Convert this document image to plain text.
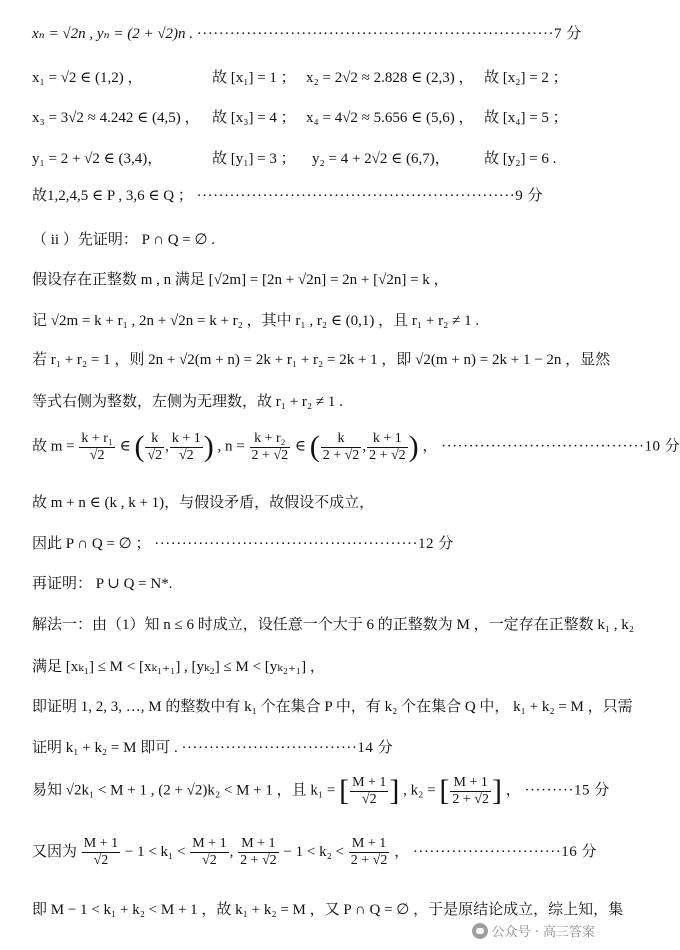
xₙ = √2n , yₙ = (2 + √2)n . ·································································7 分
x₁ = √2 ∈ (1,2) ，	故 [x₁] = 1 ； x₂ = 2√2 ≈ 2.828 ∈ (2,3) ， 故 [x₂] = 2 ；
x₃ = 3√2 ≈ 4.242 ∈ (4,5) ， 故 [x₃] = 4 ； x₄ = 4√2 ≈ 5.656 ∈ (5,6) ， 故 [x₄] = 5 ；
y₁ = 2 + √2 ∈ (3,4)，	故 [y₁] = 3 ； y₂ = 4 + 2√2 ∈ (6,7)， 故 [y₂] = 6 .
故1,2,4,5 ∈ P , 3,6 ∈ Q ； ··························································9 分
（ ii ）先证明： P ∩ Q = ∅ .
假设存在正整数 m , n 满足 [√2m] = [2n + √2n] = 2n + [√2n] = k ，
记 √2m = k + r₁ , 2n + √2n = k + r₂ ，其中 r₁ , r₂ ∈ (0,1) ，且 r₁ + r₂ ≠ 1 .
若 r₁ + r₂ = 1 ，则 2n + √2(m + n) = 2k + r₁ + r₂ = 2k + 1 ，即 √2(m + n) = 2k + 1 − 2n ，显然
等式右侧为整数，左侧为无理数，故 r₁ + r₂ ≠ 1 .
故 $m = \frac{\text{k + r₁}}{√2}$ ∈ ( $\frac{k}{√2}$ , $\frac{k + 1}{√2}$ ) , $n = \frac{\text{k + r₂}}{2 + √2}$ ∈ ( $\frac{k}{2 + √2}$ , $\frac{k + 1}{2 + √2}$ ) ， ·····································10 分
故 m + n ∈ (k , k + 1)，与假设矛盾，故假设不成立，
因此 P ∩ Q = ∅ ； ················································12 分
再证明： P ∪ Q = N*.
解法一：由（1）知 n ≤ 6 时成立，设任意一个大于 6 的正整数为 M ，一定存在正整数 k₁ , k₂
满足 [xₖ₁] ≤ M < [xₖ₁₊₁] , [yₖ₂] ≤ M < [yₖ₂₊₁] ，
即证明 1, 2, 3, …, M 的整数中有 k₁ 个在集合 P 中，有 k₂ 个在集合 Q 中， k₁ + k₂ = M ，只需
证明 k₁ + k₂ = M 即可 . ································14 分
易知 √2k₁ < M + 1 , (2 + √2)k₂ < M + 1 ，且 k₁ = [ $\frac{M + 1}{√2}$ ] , k₂ = [ $\frac{M + 1}{2 + √2}$ ] ， ·········15 分
又因为 $\frac{M + 1}{√2} - 1 < k_1 < \frac{M + 1}{√2}$ , $\frac{M + 1}{2 + √2} - 1 < k_2 < \frac{M + 1}{2 + √2}$ ， ···························16 分
即 M − 1 < k₁ + k₂ < M + 1 ，故 k₁ + k₂ = M ，又 P ∩ Q = ∅ ，于是原结论成立，综上知，集
公众号 · 高三答案
